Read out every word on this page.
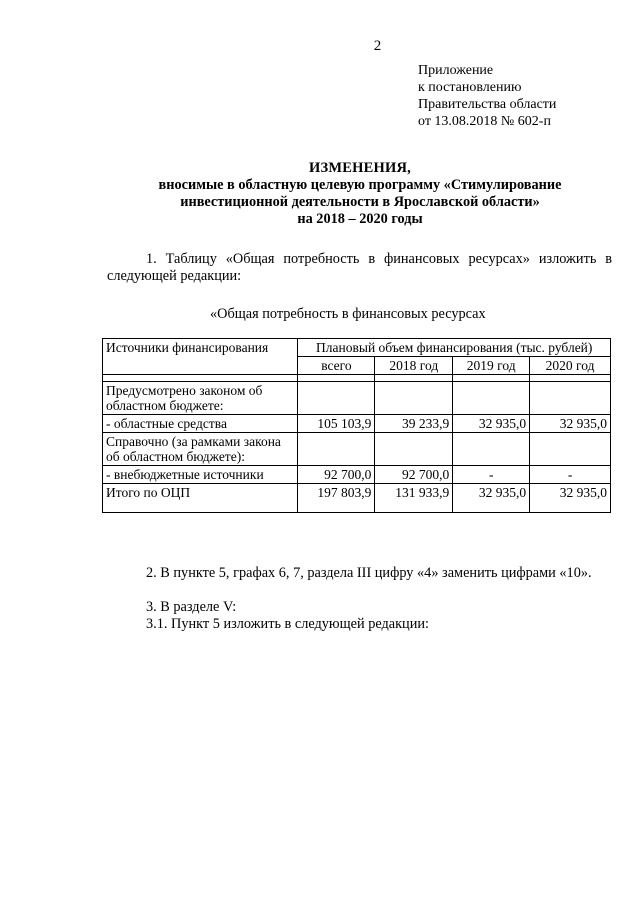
2
Приложение
к постановлению
Правительства области
от 13.08.2018 № 602-п
ИЗМЕНЕНИЯ,
вносимые в областную целевую программу «Стимулирование
инвестиционной деятельности в Ярославской области»
на 2018 – 2020 годы
1. Таблицу «Общая потребность в финансовых ресурсах» изложить в следующей редакции:
«Общая потребность в финансовых ресурсах
Источники финансирования	Плановый объем финансирования (тыс. рублей)			
	всего	2018 год	2019 год	2020 год

Предусмотрено законом об областном бюджете:				
- областные средства	105 103,9	39 233,9	32 935,0	32 935,0
Справочно (за рамками закона об областном бюджете):				
- внебюджетные источники	92 700,0	92 700,0	-	-
Итого по ОЦП	197 803,9	131 933,9	32 935,0	32 935,0
2. В пункте 5, графах 6, 7, раздела III цифру «4» заменить цифрами «10».
3. В разделе V:
3.1. Пункт 5 изложить в следующей редакции:
